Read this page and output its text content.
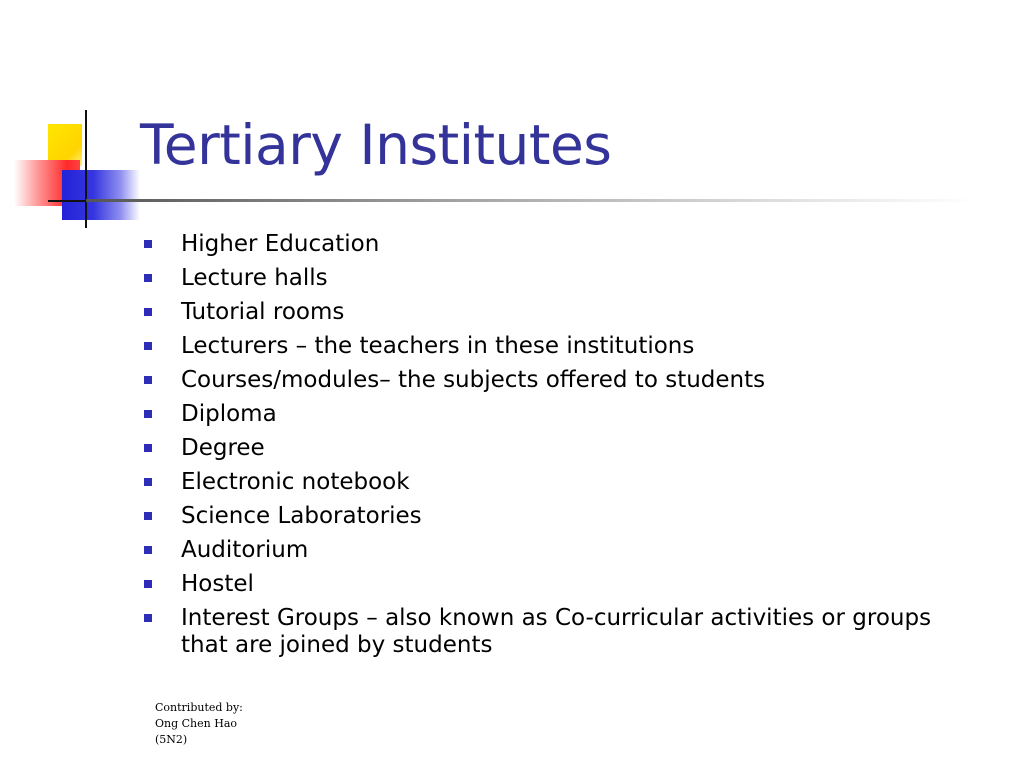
Tertiary Institutes
Higher Education
Lecture halls
Tutorial rooms
Lecturers – the teachers in these institutions
Courses/modules– the subjects offered to students
Diploma
Degree
Electronic notebook
Science Laboratories
Auditorium
Hostel
Interest Groups – also known as Co-curricular activities or groups that are joined by students
Contributed by:
Ong Chen Hao
(5N2)
